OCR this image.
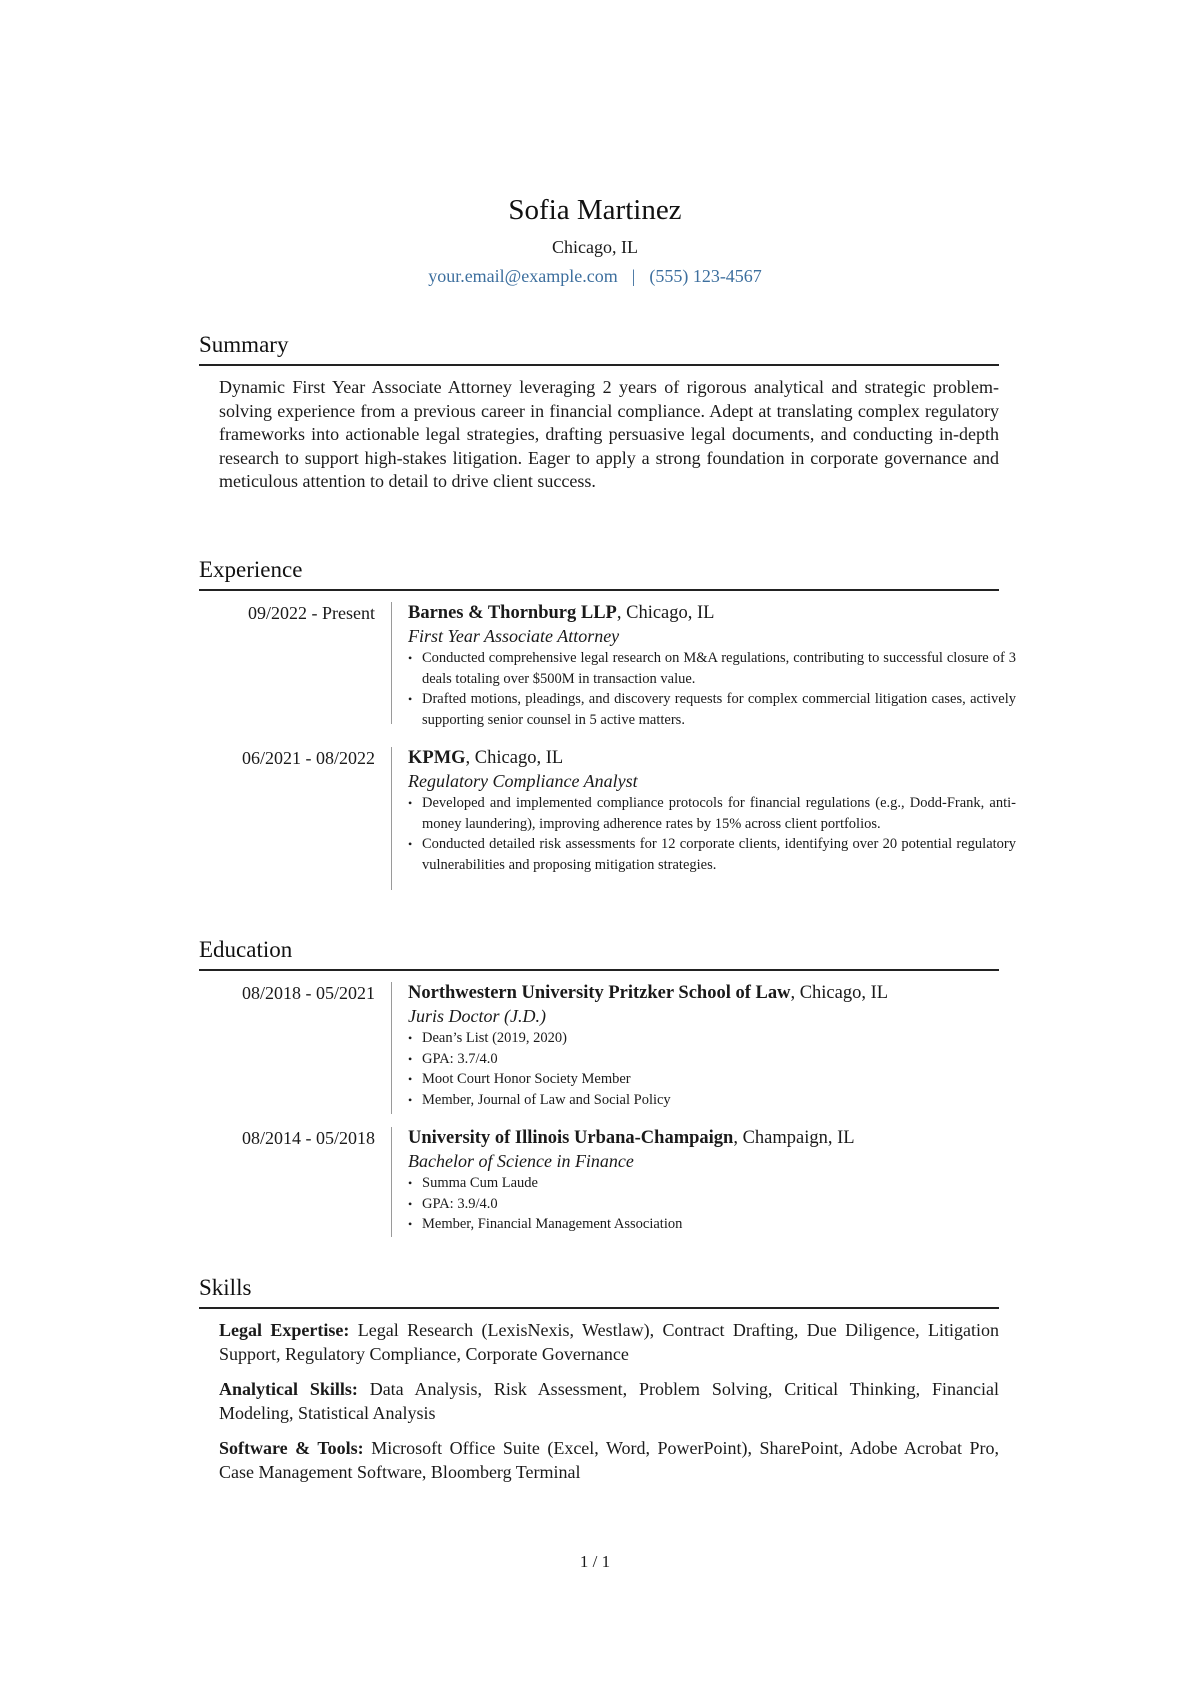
Sofia Martinez
Chicago, IL
your.email@example.com | (555) 123-4567
Summary
Dynamic First Year Associate Attorney leveraging 2 years of rigorous analytical and strategic problem-solving experience from a previous career in financial compliance. Adept at translating complex regulatory frameworks into actionable legal strategies, drafting persuasive legal documents, and conducting in-depth research to support high-stakes litigation. Eager to apply a strong foundation in corporate governance and meticulous attention to detail to drive client success.
Experience
09/2022 - Present Barnes & Thornburg LLP, Chicago, IL
First Year Associate Attorney
• Conducted comprehensive legal research on M&A regulations, contributing to successful closure of 3 deals totaling over $500M in transaction value.
• Drafted motions, pleadings, and discovery requests for complex commercial litigation cases, actively supporting senior counsel in 5 active matters.
06/2021 - 08/2022 KPMG, Chicago, IL
Regulatory Compliance Analyst
• Developed and implemented compliance protocols for financial regulations (e.g., Dodd-Frank, anti-money laundering), improving adherence rates by 15% across client portfolios.
• Conducted detailed risk assessments for 12 corporate clients, identifying over 20 potential regulatory vulnerabilities and proposing mitigation strategies.
Education
08/2018 - 05/2021 Northwestern University Pritzker School of Law, Chicago, IL
Juris Doctor (J.D.)
• Dean’s List (2019, 2020)
• GPA: 3.7/4.0
• Moot Court Honor Society Member
• Member, Journal of Law and Social Policy
08/2014 - 05/2018 University of Illinois Urbana-Champaign, Champaign, IL
Bachelor of Science in Finance
• Summa Cum Laude
• GPA: 3.9/4.0
• Member, Financial Management Association
Skills
Legal Expertise: Legal Research (LexisNexis, Westlaw), Contract Drafting, Due Diligence, Litigation Support, Regulatory Compliance, Corporate Governance
Analytical Skills: Data Analysis, Risk Assessment, Problem Solving, Critical Thinking, Financial Modeling, Statistical Analysis
Software & Tools: Microsoft Office Suite (Excel, Word, PowerPoint), SharePoint, Adobe Acrobat Pro, Case Management Software, Bloomberg Terminal
1 / 1
